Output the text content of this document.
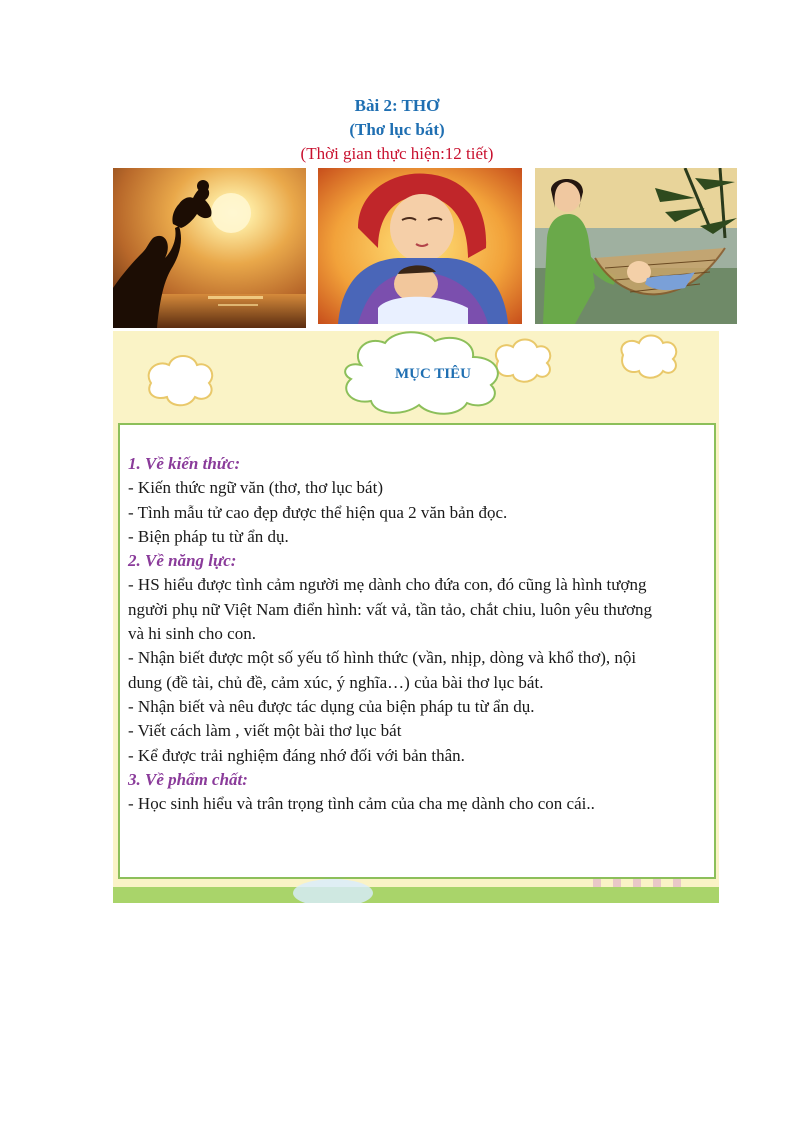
Bài 2: THƠ
(Thơ lục bát)
(Thời gian thực hiện:12 tiết)
MỤC TIÊU

1. Về kiến thức:

- Kiến thức ngữ văn (thơ, thơ lục bát)

- Tình mẫu tử cao đẹp được thể hiện qua 2 văn bản đọc.

- Biện pháp tu từ ẩn dụ.

2. Về năng lực:

- HS hiểu được tình cảm người mẹ dành cho đứa con, đó cũng là hình tượng

người phụ nữ Việt Nam điển hình: vất vả, tần tảo, chắt chiu, luôn yêu thương

và hi sinh cho con.

- Nhận biết được một số yếu tố hình thức (vần, nhịp, dòng và khổ thơ), nội

dung (đề tài, chủ đề, cảm xúc, ý nghĩa…) của bài thơ lục bát.

- Nhận biết và nêu được tác dụng của biện pháp tu từ ẩn dụ.

- Viết cách làm , viết một bài thơ lục bát

- Kể được trải nghiệm đáng nhớ đối với bản thân.

3. Về phẩm chất:

- Học sinh hiểu và trân trọng tình cảm của cha mẹ dành cho con cái..
